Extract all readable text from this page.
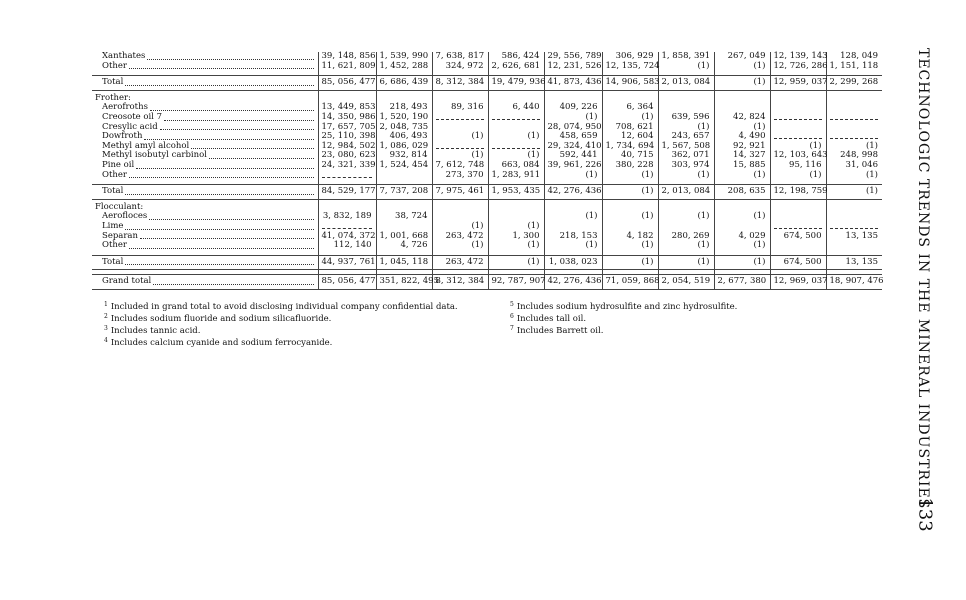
Xanthates	39, 148, 856	1, 539, 990	7, 638, 817	586, 424	29, 556, 789	306, 929	1, 858, 391	267, 049	12, 139, 143	128, 049

Other	11, 621, 809	1, 452, 288	324, 972	2, 626, 681	12, 231, 526	12, 135, 724	(1)	(1)	12, 726, 286	1, 151, 118

Total	85, 056, 477	6, 686, 439	8, 312, 384	19, 479, 936	41, 873, 436	14, 906, 583	2, 013, 084	(1)	12, 959, 037	2, 299, 268

Frother:										

Aerofroths	13, 449, 853	218, 493	89, 316	6, 440	409, 226	6, 364				

Creosote oil 7	14, 350, 986	1, 520, 190			(1)	(1)	639, 596	42, 824		

Cresylic acid	17, 657, 705	2, 048, 735			28, 074, 950	708, 621	(1)	(1)		

Dowfroth	25, 110, 398	406, 493	(1)	(1)	458, 659	12, 604	243, 657	4, 490		

Methyl amyl alcohol	12, 984, 502	1, 086, 029			29, 324, 410	1, 734, 694	1, 567, 508	92, 921	(1)	(1)

Methyl isobutyl carbinol	23, 080, 623	932, 814	(1)	(1)	592, 441	40, 715	362, 071	14, 327	12, 103, 643	248, 998

Pine oil	24, 321, 339	1, 524, 454	7, 612, 748	663, 084	39, 961, 226	380, 228	303, 974	15, 885	95, 116	31, 046

Other			273, 370	1, 283, 911	(1)	(1)	(1)	(1)	(1)	(1)

Total	84, 529, 177	7, 737, 208	7, 975, 461	1, 953, 435	42, 276, 436	(1)	2, 013, 084	208, 635	12, 198, 759	(1)

Flocculant:										

Aerofloces	3, 832, 189	38, 724			(1)	(1)	(1)	(1)		

Lime			(1)	(1)						

Separan	41, 074, 372	1, 001, 668	263, 472	1, 300	218, 153	4, 182	280, 269	4, 029	674, 500	13, 135

Other	112, 140	4, 726	(1)	(1)	(1)	(1)	(1)	(1)		

Total	44, 937, 761	1, 045, 118	263, 472	(1)	1, 038, 023	(1)	(1)	(1)	674, 500	13, 135

Grand total	85, 056, 477	351, 822, 495	8, 312, 384	92, 787, 907	42, 276, 436	71, 059, 868	2, 054, 519	2, 677, 380	12, 969, 037	18, 907, 476
$^1$ Included in grand total to avoid disclosing individual company confidential data.
$^2$ Includes sodium fluoride and sodium silicafluoride.
$^3$ Includes tannic acid.
$^4$ Includes calcium cyanide and sodium ferrocyanide.
$^5$ Includes sodium hydrosulfite and zinc hydrosulfite.
$^6$ Includes tall oil.
$^7$ Includes Barrett oil.	TECHNOLOGIC TRENDS IN THE MINERAL INDUSTRIES
133
